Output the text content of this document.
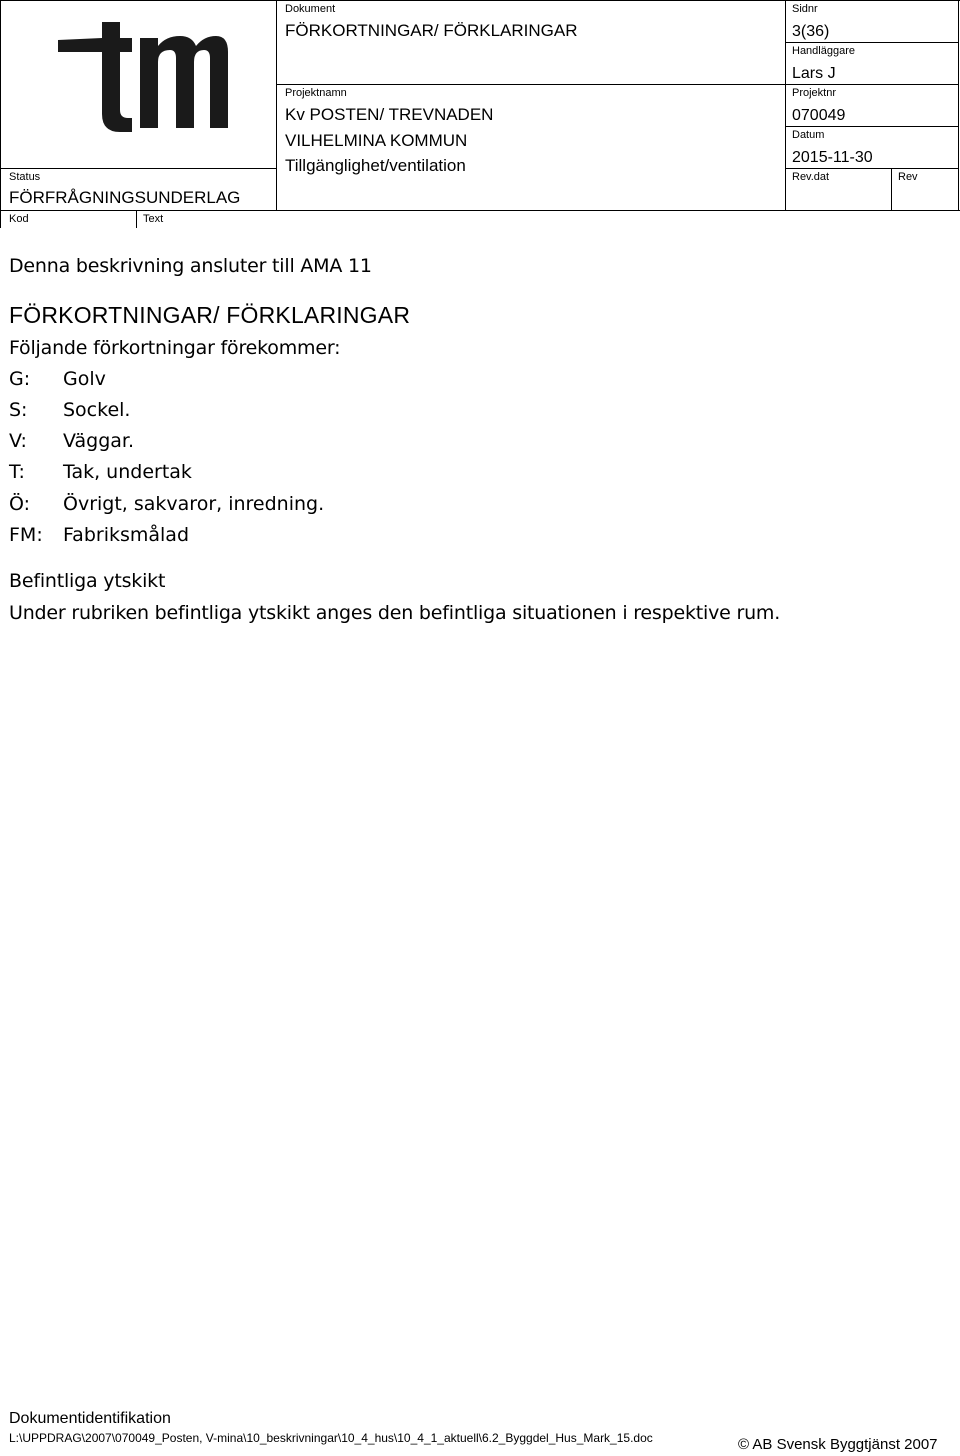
Dokument
FÖRKORTNINGAR/ FÖRKLARINGAR
Projektnamn
Kv POSTEN/ TREVNADEN
VILHELMINA KOMMUN
Tillgänglighet/ventilation
Sidnr
3(36)
Handläggare
Lars J
Projektnr
070049
Datum
2015-11-30
Rev.dat	Rev
Status
FÖRFRÅGNINGSUNDERLAG
Kod	Text
Denna beskrivning ansluter till AMA 11
FÖRKORTNINGAR/ FÖRKLARINGAR
Följande förkortningar förekommer:
G: Golv
S: Sockel.
V: Väggar.
T: Tak, undertak
Ö: Övrigt, sakvaror, inredning.
FM: Fabriksmålad
Befintliga ytskikt
Under rubriken befintliga ytskikt anges den befintliga situationen i respektive rum.
Dokumentidentifikation
L:\UPPDRAG\2007\070049_Posten, V-mina\10_beskrivningar\10_4_hus\10_4_1_aktuell\6.2_Byggdel_Hus_Mark_15.doc	© AB Svensk Byggtjänst 2007
